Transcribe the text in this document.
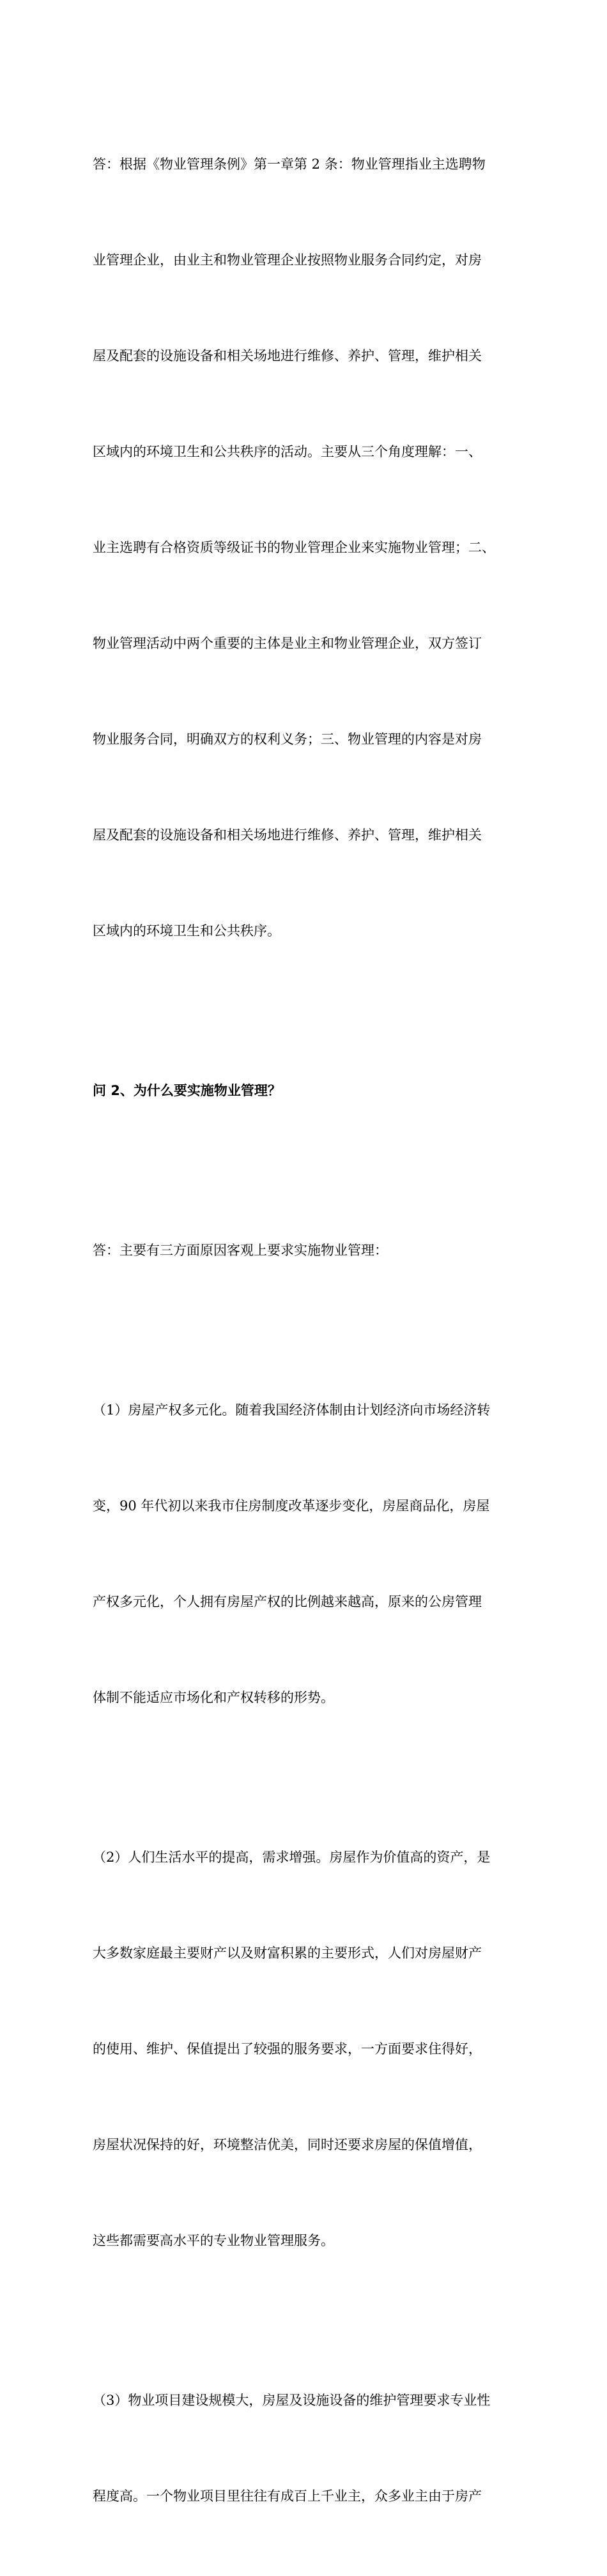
答：根据《物业管理条例》第一章第 2 条：物业管理指业主选聘物

业管理企业，由业主和物业管理企业按照物业服务合同约定，对房

屋及配套的设施设备和相关场地进行维修、养护、管理，维护相关

区域内的环境卫生和公共秩序的活动。主要从三个角度理解：一、

业主选聘有合格资质等级证书的物业管理企业来实施物业管理；二、

物业管理活动中两个重要的主体是业主和物业管理企业，双方签订

物业服务合同，明确双方的权利义务；三、物业管理的内容是对房

屋及配套的设施设备和相关场地进行维修、养护、管理，维护相关

区域内的环境卫生和公共秩序。

问 2、为什么要实施物业管理？

答：主要有三方面原因客观上要求实施物业管理：

（1）房屋产权多元化。随着我国经济体制由计划经济向市场经济转

变，90 年代初以来我市住房制度改革逐步变化，房屋商品化，房屋

产权多元化，个人拥有房屋产权的比例越来越高，原来的公房管理

体制不能适应市场化和产权转移的形势。

（2）人们生活水平的提高，需求增强。房屋作为价值高的资产，是

大多数家庭最主要财产以及财富积累的主要形式，人们对房屋财产

的使用、维护、保值提出了较强的服务要求，一方面要求住得好，

房屋状况保持的好，环境整洁优美，同时还要求房屋的保值增值，

这些都需要高水平的专业物业管理服务。

（3）物业项目建设规模大，房屋及设施设备的维护管理要求专业性

程度高。一个物业项目里往往有成百上千业主，众多业主由于房产
